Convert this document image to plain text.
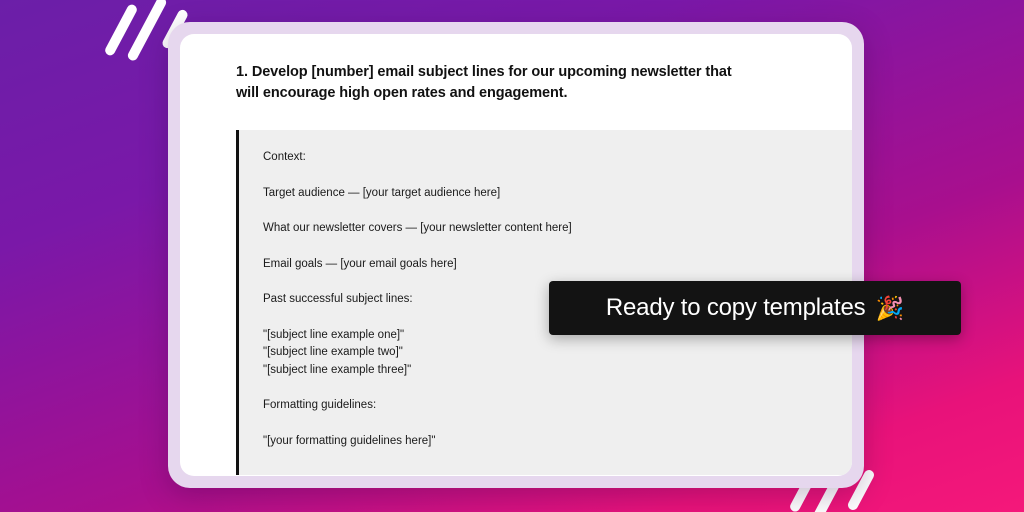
1. Develop [number] email subject lines for our upcoming newsletter that will encourage high open rates and engagement.

Context:

Target audience — [your target audience here]

What our newsletter covers — [your newsletter content here]

Email goals — [your email goals here]

Past successful subject lines:

"[subject line example one]"

"[subject line example two]"

"[subject line example three]"

Formatting guidelines:

"[your formatting guidelines here]"

Ready to copy templates 🎉
